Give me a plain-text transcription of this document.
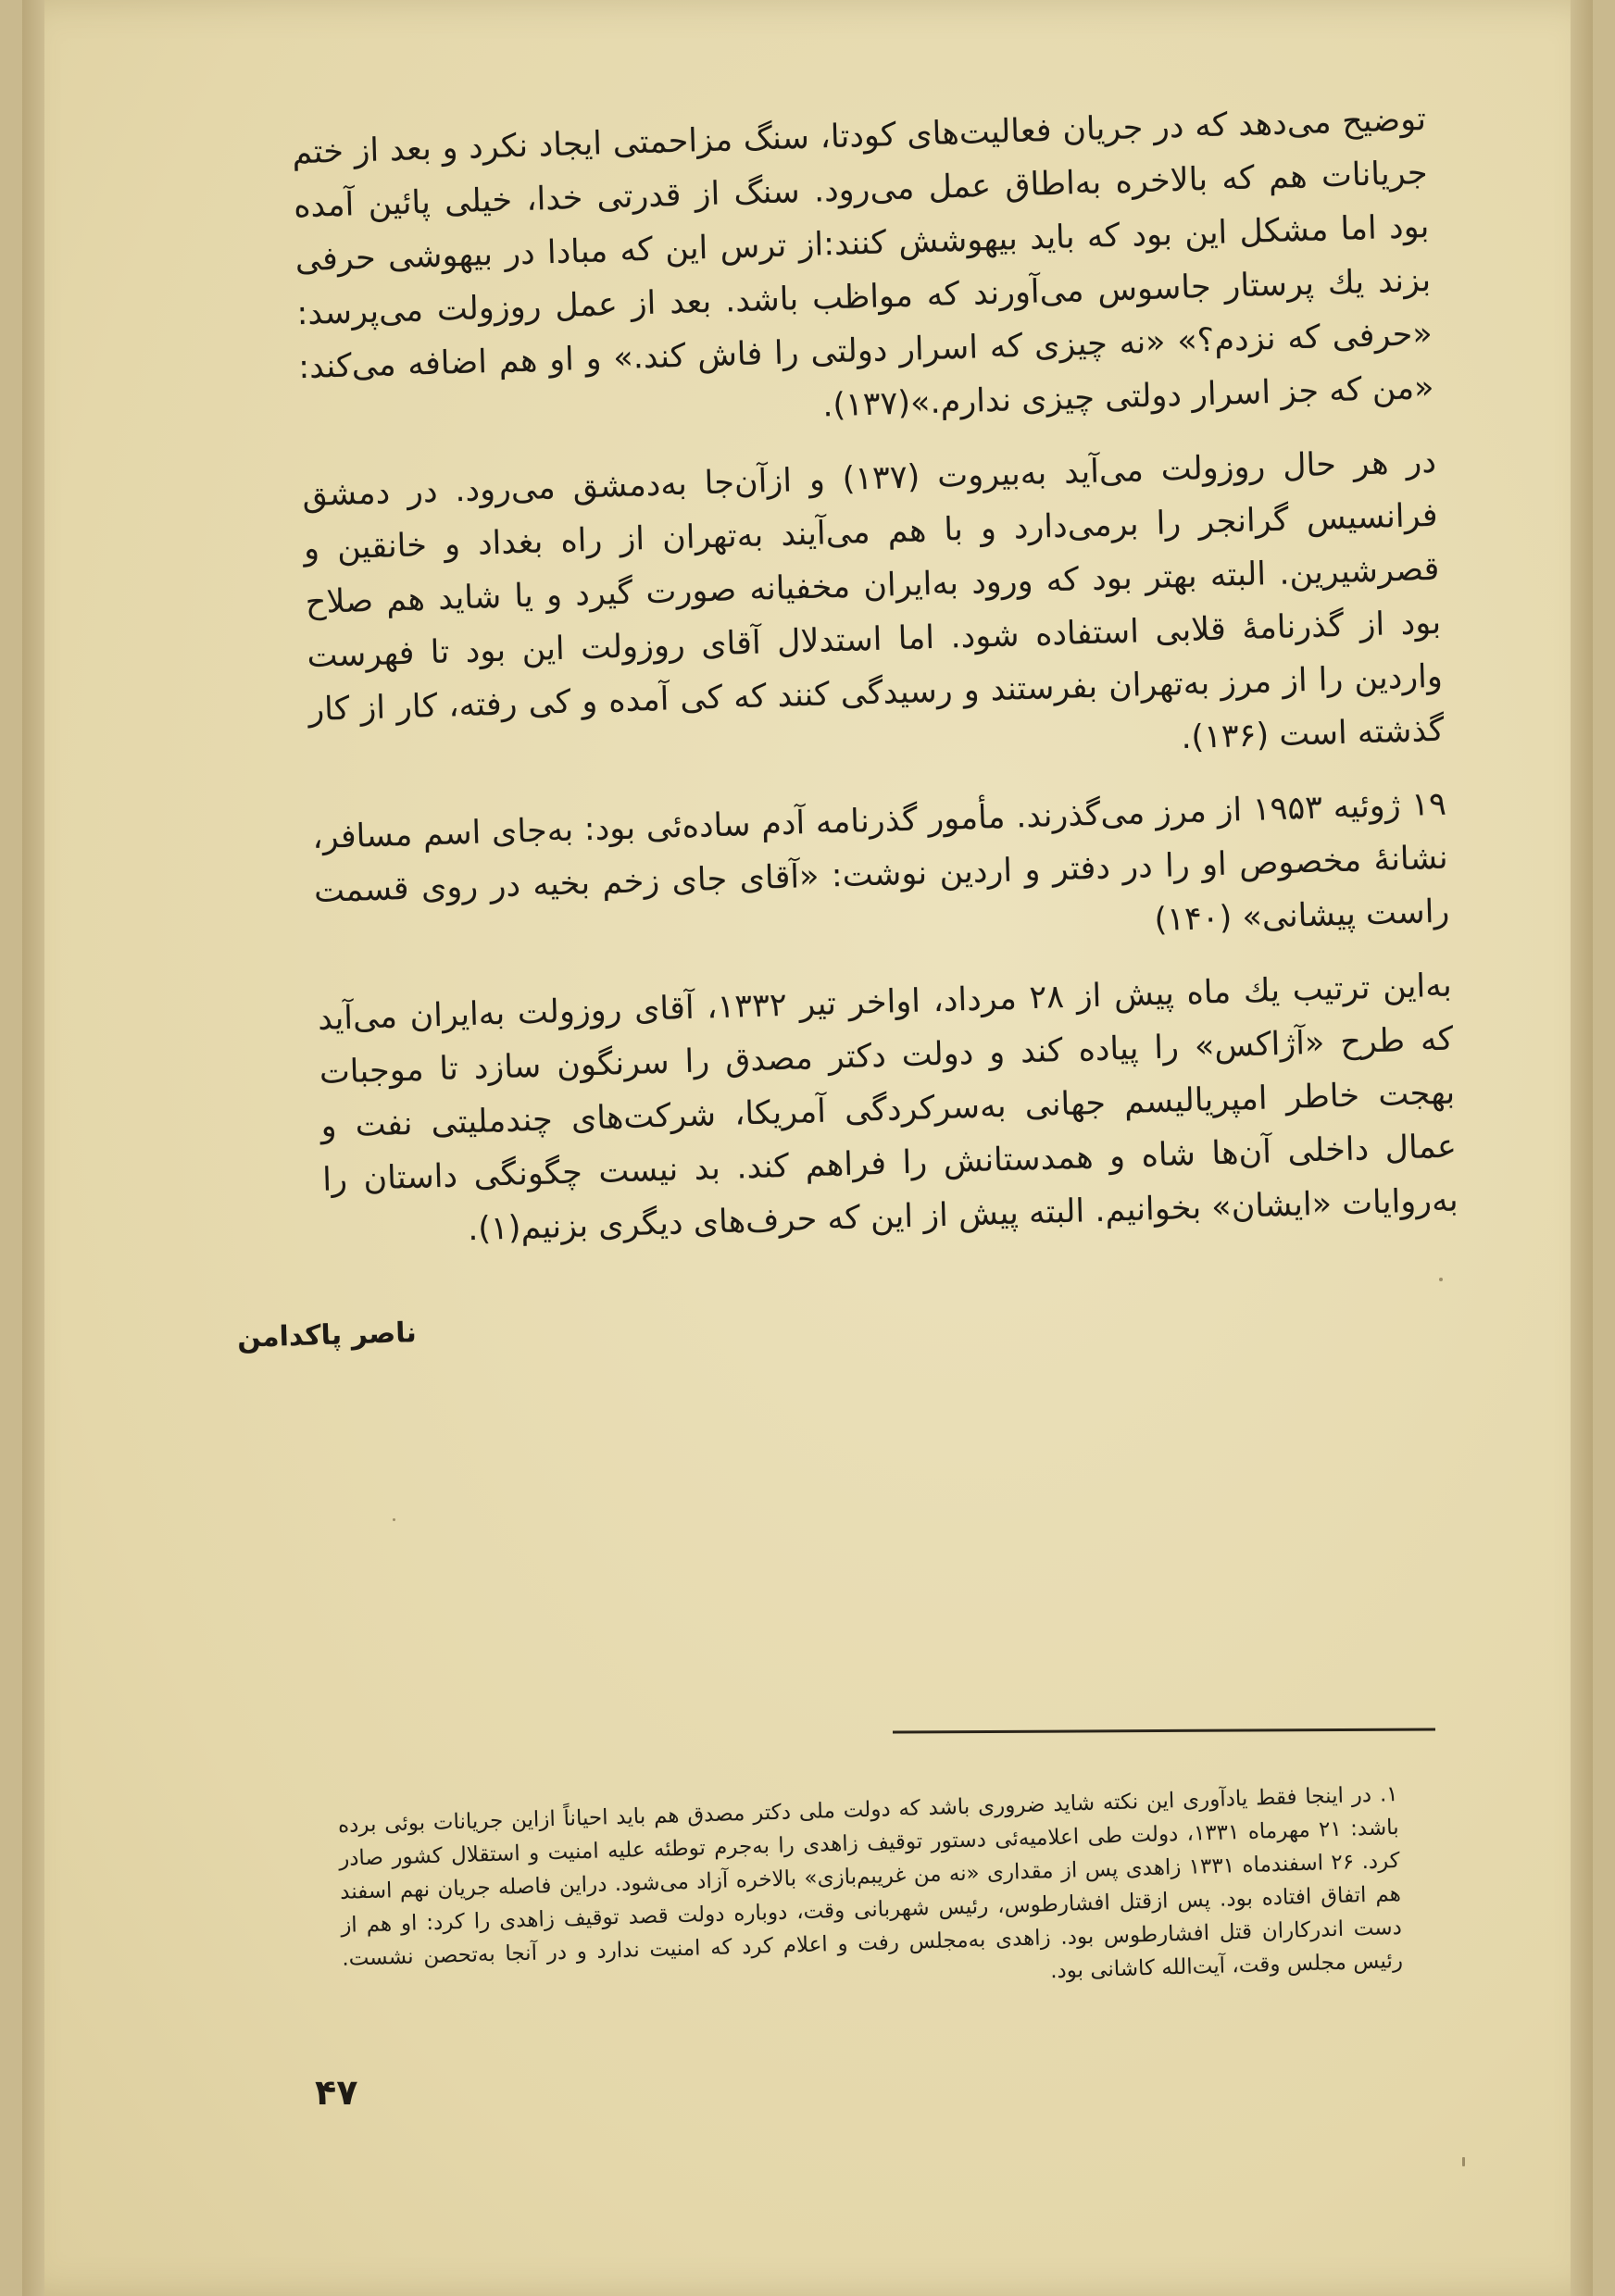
توضیح می‌دهد که در جریان فعالیت‌های کودتا، سنگ مزاحمتی ایجاد نکرد و بعد از ختم جریانات هم که بالاخره به‌اطاق عمل می‌رود. سنگ از قدرتی خدا، خیلی پائین آمده بود اما مشکل این بود که باید بیهوشش کنند:از ترس این که مبادا در بیهوشی حرفی بزند یك پرستار جاسوس می‌آورند که مواظب باشد. بعد از عمل روزولت می‌پرسد: «حرفی که نزدم؟» «نه چیزی که اسرار دولتی را فاش کند.» و او هم اضافه می‌کند: «من که جز اسرار دولتی چیزی ندارم.»(۱۳۷).

در هر حال روزولت می‌آید به‌بیروت (۱۳۷) و ازآن‌جا به‌دمشق می‌رود. در دمشق فرانسیس گرانجر را برمی‌دارد و با هم می‌آیند به‌تهران از راه بغداد و خانقین و قصرشیرین. البته بهتر بود که ورود به‌ایران مخفیانه صورت گیرد و یا شاید هم صلاح بود از گذرنامهٔ قلابی استفاده شود. اما استدلال آقای روزولت این بود تا فهرست واردین را از مرز به‌تهران بفرستند و رسیدگی کنند که کی آمده و کی رفته، کار از کار گذشته است (۱۳۶).

۱۹ ژوئیه ۱۹۵۳ از مرز می‌گذرند. مأمور گذرنامه آدم ساده‌ئی بود: به‌جای اسم مسافر، نشانهٔ مخصوص او را در دفتر و اردین نوشت: «آقای جای زخم بخیه در روی قسمت راست پیشانی» (۱۴۰)

به‌این ترتیب یك ماه پیش از ۲۸ مرداد، اواخر تیر ۱۳۳۲، آقای روزولت به‌ایران می‌آید که طرح «آژاکس» را پیاده کند و دولت دکتر مصدق را سرنگون سازد تا موجبات بهجت خاطر امپریالیسم جهانی به‌سرکردگی آمریکا، شرکت‌های چندملیتی نفت و عمال داخلی آن‌ها شاه و همدستانش را فراهم کند. بد نیست چگونگی داستان را به‌روایات «ایشان» بخوانیم. البته پیش از این که حرف‌های دیگری بزنیم(۱).

ناصر پاکدامن

۱. در اینجا فقط یادآوری این نکته شاید ضروری باشد که دولت ملی دکتر مصدق هم باید احیاناً ازاین جریانات بوئی برده باشد: ۲۱ مهرماه ۱۳۳۱، دولت طی اعلامیه‌ئی دستور توقیف زاهدی را به‌جرم توطئه علیه امنیت و استقلال کشور صادر کرد. ۲۶ اسفندماه ۱۳۳۱ زاهدی پس از مقداری «نه من غریبم‌بازی» بالاخره آزاد می‌شود. دراین فاصله جریان نهم اسفند هم اتفاق افتاده بود. پس ازقتل افشارطوس، رئیس شهربانی وقت، دوباره دولت قصد توقیف زاهدی را کرد: او هم از دست اندرکاران قتل افشارطوس بود. زاهدی به‌مجلس رفت و اعلام کرد که امنیت ندارد و در آنجا به‌تحصن نشست. رئیس مجلس وقت، آیت‌الله کاشانی بود.

۴۷
